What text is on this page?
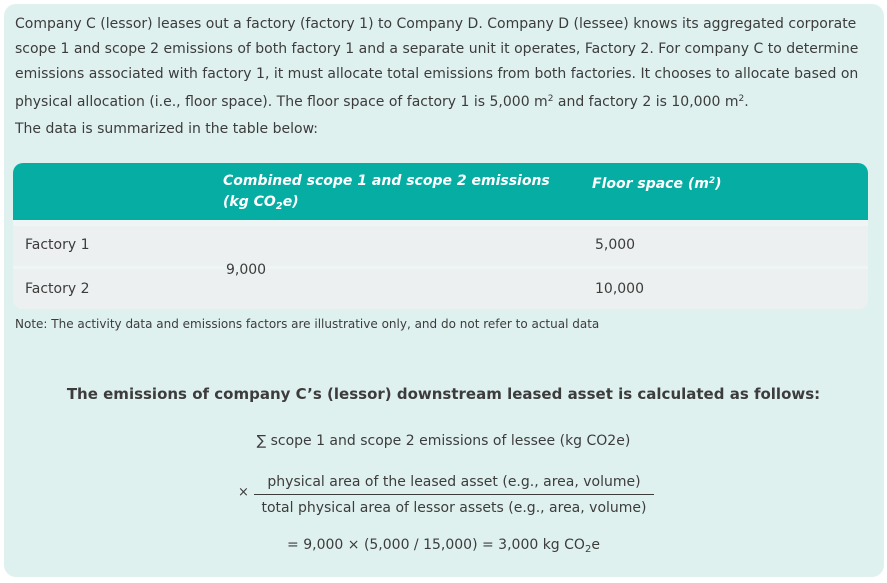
Company C (lessor) leases out a factory (factory 1) to Company D. Company D (lessee) knows its aggregated corporate scope 1 and scope 2 emissions of both factory 1 and a separate unit it operates, Factory 2. For company C to determine emissions associated with factory 1, it must allocate total emissions from both factories. It chooses to allocate based on physical allocation (i.e., floor space). The floor space of factory 1 is 5,000 $m^2$ and factory 2 is 10,000 $m^2$.

The data is summarized in the table below:

Combined scope 1 and scope 2 emissions (kg $CO_2e$)
Floor space $(m^2)$
Factory 1	5,000
Factory 2	10,000
9,000

Note: The activity data and emissions factors are illustrative only, and do not refer to actual data

The emissions of company C’s (lessor) downstream leased asset is calculated as follows:

∑ scope 1 and scope 2 emissions of lessee (kg CO2e)
×
physical area of the leased asset (e.g., area, volume)
total physical area of lessor assets (e.g., area, volume)
= 9,000 × (5,000 / 15,000) = 3,000 kg $CO_2e$
